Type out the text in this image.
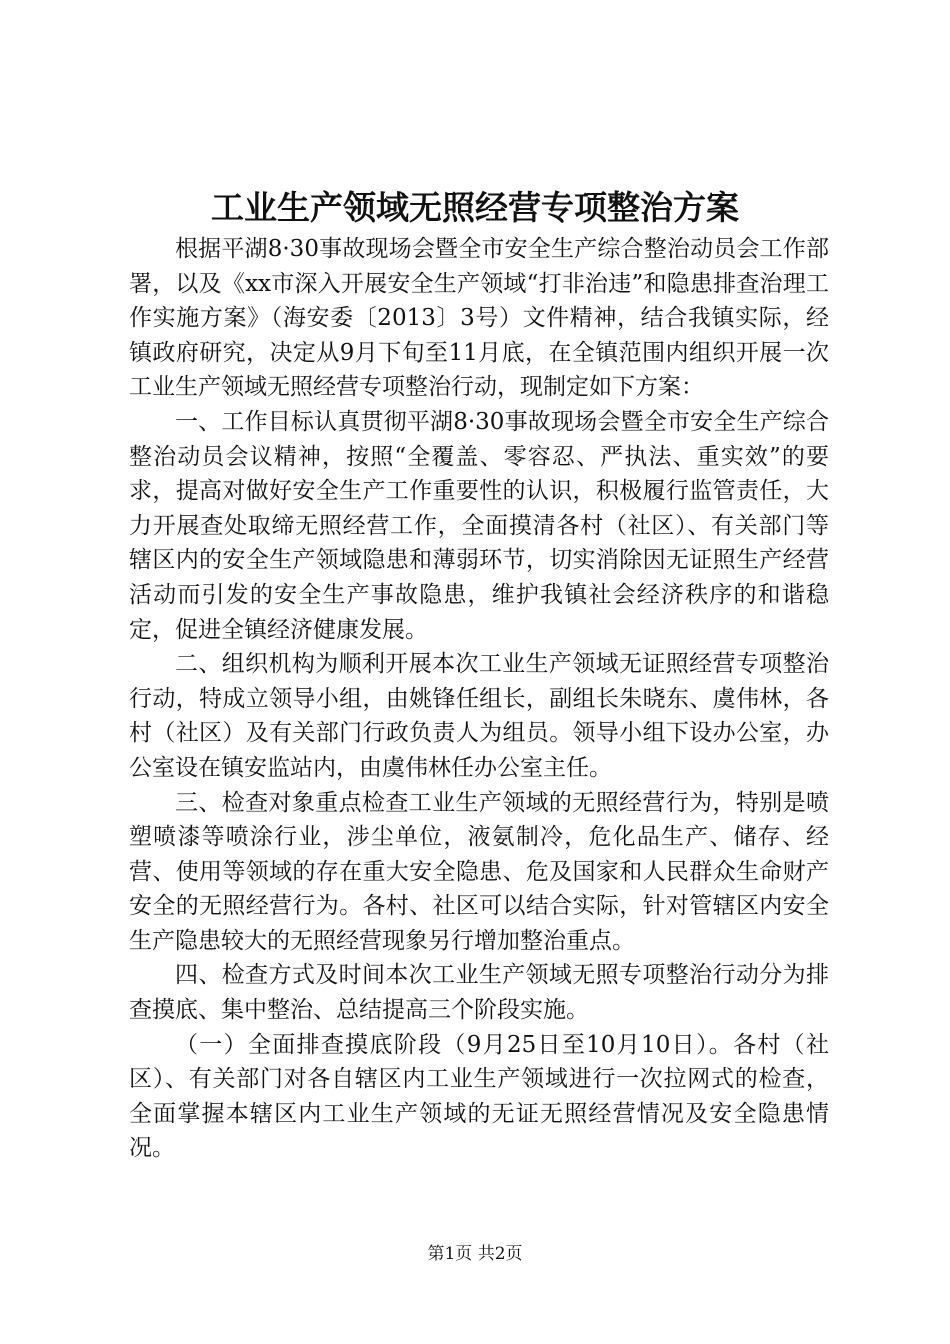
工业生产领域无照经营专项整治方案

根据平湖8·30事故现场会暨全市安全生产综合整治动员会工作部署，以及《xx市深入开展安全生产领域“打非治违”和隐患排查治理工作实施方案》（海安委〔2013〕3号）文件精神，结合我镇实际，经镇政府研究，决定从9月下旬至11月底，在全镇范围内组织开展一次工业生产领域无照经营专项整治行动，现制定如下方案：

一、工作目标认真贯彻平湖8·30事故现场会暨全市安全生产综合整治动员会议精神，按照“全覆盖、零容忍、严执法、重实效”的要求，提高对做好安全生产工作重要性的认识，积极履行监管责任，大力开展查处取缔无照经营工作，全面摸清各村（社区）、有关部门等辖区内的安全生产领域隐患和薄弱环节，切实消除因无证照生产经营活动而引发的安全生产事故隐患，维护我镇社会经济秩序的和谐稳定，促进全镇经济健康发展。

二、组织机构为顺利开展本次工业生产领域无证照经营专项整治行动，特成立领导小组，由姚锋任组长，副组长朱晓东、虞伟林，各村（社区）及有关部门行政负责人为组员。领导小组下设办公室，办公室设在镇安监站内，由虞伟林任办公室主任。

三、检查对象重点检查工业生产领域的无照经营行为，特别是喷塑喷漆等喷涂行业，涉尘单位，液氨制冷，危化品生产、储存、经营、使用等领域的存在重大安全隐患、危及国家和人民群众生命财产安全的无照经营行为。各村、社区可以结合实际，针对管辖区内安全生产隐患较大的无照经营现象另行增加整治重点。

四、检查方式及时间本次工业生产领域无照专项整治行动分为排查摸底、集中整治、总结提高三个阶段实施。

（一）全面排查摸底阶段（9月25日至10月10日）。各村（社区）、有关部门对各自辖区内工业生产领域进行一次拉网式的检查，全面掌握本辖区内工业生产领域的无证无照经营情况及安全隐患情况。

第1页 共2页
